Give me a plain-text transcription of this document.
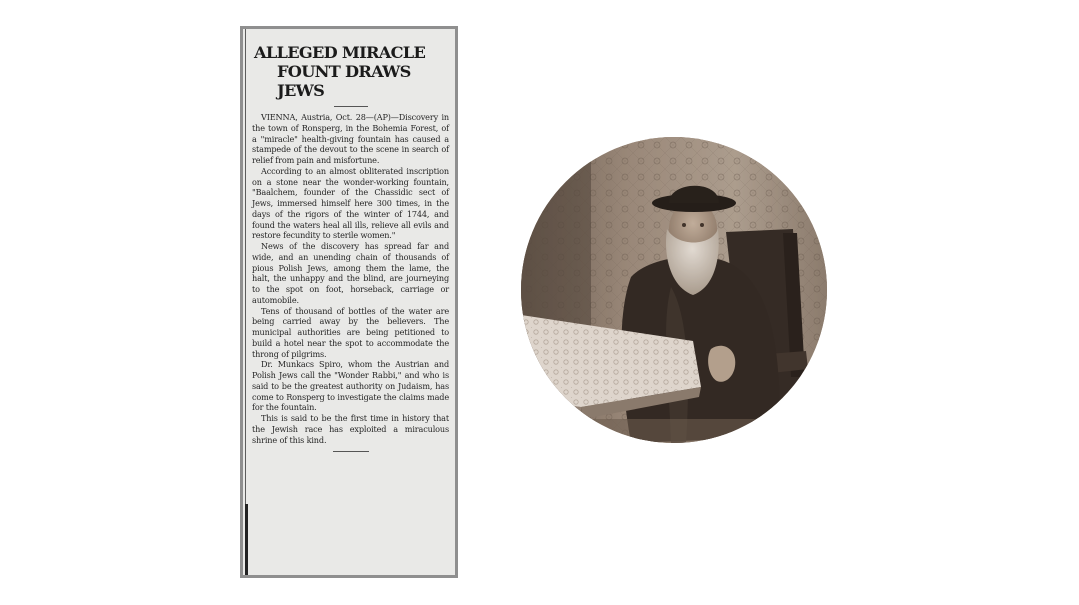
ALLEGED MIRACLE
FOUNT DRAWS JEWS

VIENNA, Austria, Oct. 28—(AP)—Discovery in the town of Ronsperg, in the Bohemia Forest, of a "miracle" health-giving fountain has caused a stampede of the devout to the scene in search of relief from pain and misfortune.

According to an almost obliterated inscription on a stone near the wonder-working fountain, "Baalchem, founder of the Chassidic sect of Jews, immersed himself here 300 times, in the days of the rigors of the winter of 1744, and found the waters heal all ills, relieve all evils and restore fecundity to sterile women."

News of the discovery has spread far and wide, and an unending chain of thousands of pious Polish Jews, among them the lame, the halt, the unhappy and the blind, are journeying to the spot on foot, horseback, carriage or automobile.

Tens of thousand of bottles of the water are being carried away by the believers. The municipal authorities are being petitioned to build a hotel near the spot to accommodate the throng of pilgrims.

Dr. Munkacs Spiro, whom the Austrian and Polish Jews call the "Wonder Rabbi," and who is said to be the greatest authority on Judaism, has come to Ronsperg to investigate the claims made for the fountain.

This is said to be the first time in history that the Jewish race has exploited a miraculous shrine of this kind.
